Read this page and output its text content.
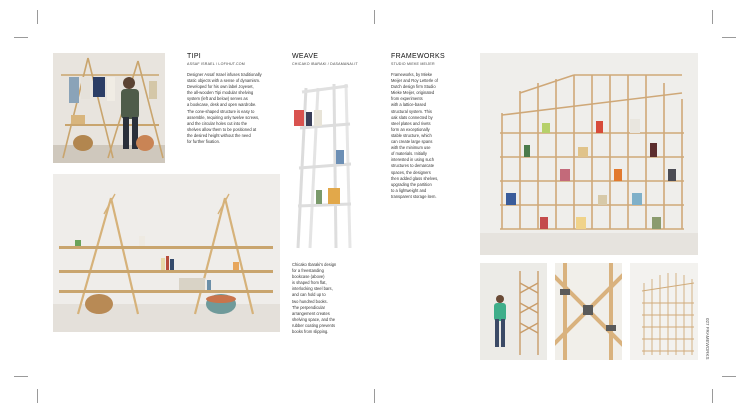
TIPI
ASSAF ISRAEL / LOFIHUT.COM
Designer Assaf Israel infuses traditionally
static objects with a sense of dynamism.
Developed for his own label Joyeset,
the all-wooden Tipi modular shelving
system (left and below) serves as
a bookcase, desk and open wardrobe.
The cone-shaped structure is easy to
assemble, requiring only twelve screws,
and the circular holes cut into the
shelves allow them to be positioned at
the desired height without the need
for further fixation.
WEAVE
CHICAKO IBARAKI / DASAMANAI.IT
Chicako Ibaraki's design
for a freestanding
bookcase (above)
is shaped from flat,
interlocking steel bars,
and can hold up to
two hundred books.
The perpendicular
arrangement creates
shelving space, and the
rubber coating prevents
books from slipping.
FRAMEWORKS
STUDIO MIEKE MEIJER
Frameworks, by Mieke
Meijer and Roy Letterle of
Dutch design firm Studio
Mieke Meijer, originated
from experiments
with a lattice-based
structural system. This
oak slats connected by
steel plates and rivets
form an exceptionally
stable structure, which
can create large spans
with the minimum use
of materials. Initially
interested in using such
structures to demarcate
spaces, the designers
then added glass shelves,
upgrading the partition
to a lightweight and
transparent storage item.
027 FRAMEWORKS
